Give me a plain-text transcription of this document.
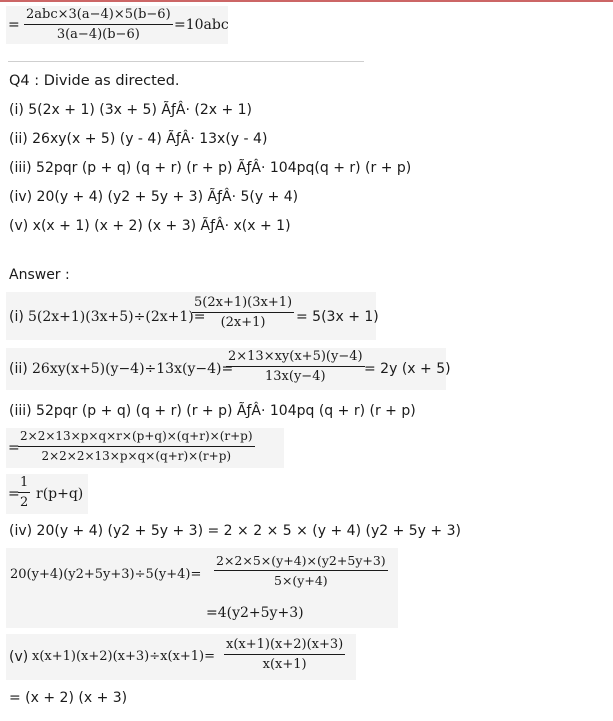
=
2abc×3(a−4)×5(b−6)
3(a−4)(b−6)
=10abc
Q4 : Divide as directed.
(i) 5(2x + 1) (3x + 5) ÃƒÂ· (2x + 1)
(ii) 26xy(x + 5) (y - 4) ÃƒÂ· 13x(y - 4)
(iii) 52pqr (p + q) (q + r) (r + p) ÃƒÂ· 104pq(q + r) (r + p)
(iv) 20(y + 4) (y2 + 5y + 3) ÃƒÂ· 5(y + 4)
(v) x(x + 1) (x + 2) (x + 3) ÃƒÂ· x(x + 1)
Answer :
(i) 5(2x+1)(3x+5)÷(2x+1)=
$\frac{5(2x+1)(3x+1)}{(2x+1)} = 5(3x + 1)$
(ii) 26xy(x+5)(y−4)÷13x(y−4)=
$\frac{2\times 13\times xy(x+5)(y-4)}{13x(y-4)} = 2y$ (x + 5)
(iii) 52pqr (p + q) (q + r) (r + p) ÃƒÂ· 104pq (q + r) (r + p)
=
$\frac{2\times 2\times 13\times p\times q\times r\times(p+q)\times(q+r)\times(r+p)}{2\times 2\times 2\times 13\times p\times q\times(q+r)\times(r+p)}$
=
$\frac{1}{2} r(p+q)$
(iv) 20(y + 4) (y2 + 5y + 3) = 2 × 2 × 5 × (y + 4) (y2 + 5y + 3)
$20(y+4)(y2+5y+3)\div 5(y+4)= \frac{2\times 2\times 5\times(y+4)\times(y2+5y+3)}{5\times(y+4)}$
=4(y2+5y+3)
(v) $x(x+1)(x+2)(x+3)\div x(x+1)= \frac{x(x+1)(x+2)(x+3)}{x(x+1)}$
= (x + 2) (x + 3)
